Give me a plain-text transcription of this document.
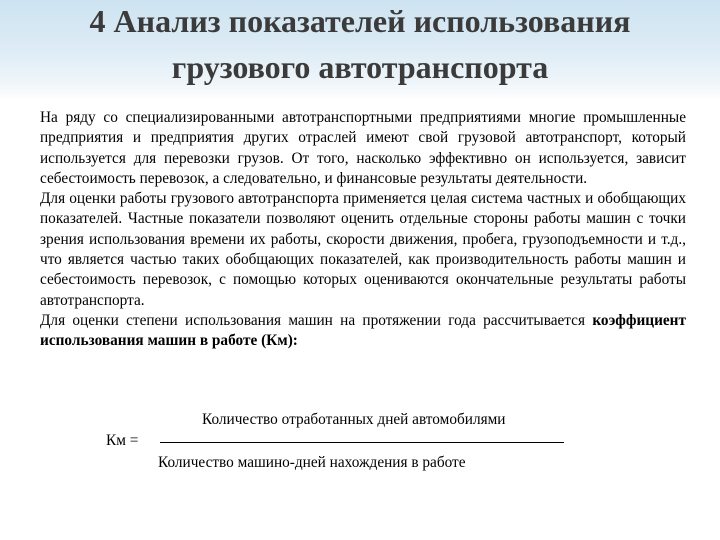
4 Анализ показателей использования
грузового автотранспорта

На ряду со специализированными автотранспортными предприятиями многие промышленные предприятия и предприятия других отраслей имеют свой грузовой автотранспорт, который используется для перевозки грузов. От того, насколько эффективно он используется, зависит себестоимость перевозок, а следовательно, и финансовые результаты деятельности.

Для оценки работы грузового автотранспорта применяется целая система частных и обобщающих показателей. Частные показатели позволяют оценить отдельные стороны работы машин с точки зрения использования времени их работы, скорости движения, пробега, грузоподъемности и т.д., что является частью таких обобщающих показателей, как производительность работы машин и себестоимость перевозок, с помощью которых оцениваются окончательные результаты работы автотранспорта.

Для оценки степени использования машин на протяжении года рассчитывается коэффициент использования машин в работе (Км):

Количество отработанных дней автомобилями
Км =
Количество машино-дней нахождения в работе
